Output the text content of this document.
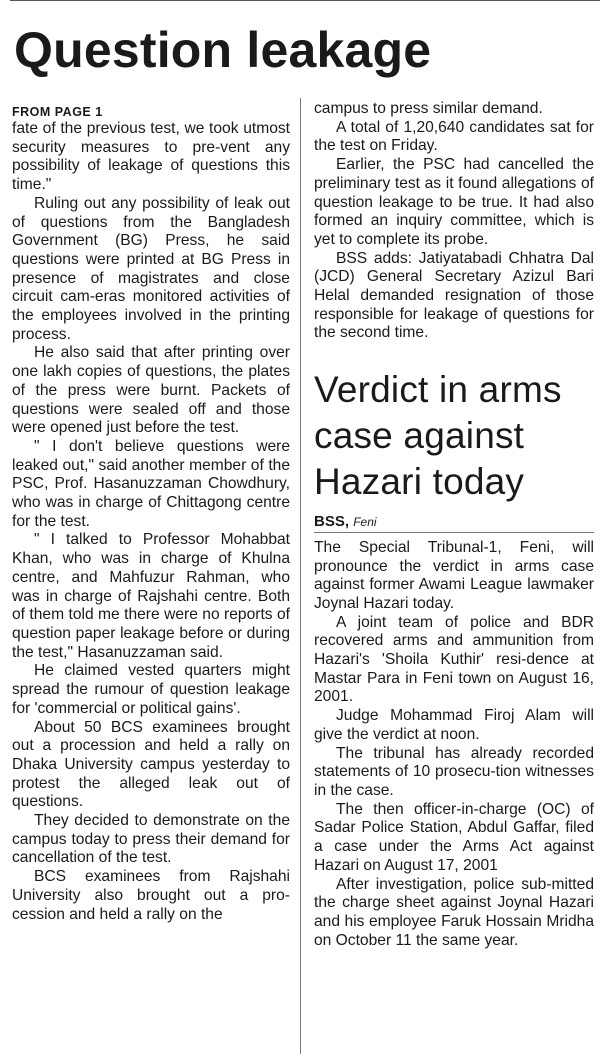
Question leakage
FROM PAGE 1

fate of the previous test, we took utmost security measures to pre-vent any possibility of leakage of questions this time."

Ruling out any possibility of leak out of questions from the Bangladesh Government (BG) Press, he said questions were printed at BG Press in presence of magistrates and close circuit cam-eras monitored activities of the employees involved in the printing process.

He also said that after printing over one lakh copies of questions, the plates of the press were burnt. Packets of questions were sealed off and those were opened just before the test.

" I don't believe questions were leaked out," said another member of the PSC, Prof. Hasanuzzaman Chowdhury, who was in charge of Chittagong centre for the test.

" I talked to Professor Mohabbat Khan, who was in charge of Khulna centre, and Mahfuzur Rahman, who was in charge of Rajshahi centre. Both of them told me there were no reports of question paper leakage before or during the test," Hasanuzzaman said.

He claimed vested quarters might spread the rumour of question leakage for 'commercial or political gains'.

About 50 BCS examinees brought out a procession and held a rally on Dhaka University campus yesterday to protest the alleged leak out of questions.

They decided to demonstrate on the campus today to press their demand for cancellation of the test.

BCS examinees from Rajshahi University also brought out a pro-cession and held a rally on the

campus to press similar demand.

A total of 1,20,640 candidates sat for the test on Friday.

Earlier, the PSC had cancelled the preliminary test as it found allegations of question leakage to be true. It had also formed an inquiry committee, which is yet to complete its probe.

BSS adds: Jatiyatabadi Chhatra Dal (JCD) General Secretary Azizul Bari Helal demanded resignation of those responsible for leakage of questions for the second time.

Verdict in arms case against Hazari today

BSS, Feni

The Special Tribunal-1, Feni, will pronounce the verdict in arms case against former Awami League lawmaker Joynal Hazari today.

A joint team of police and BDR recovered arms and ammunition from Hazari's 'Shoila Kuthir' resi-dence at Mastar Para in Feni town on August 16, 2001.

Judge Mohammad Firoj Alam will give the verdict at noon.

The tribunal has already recorded statements of 10 prosecu-tion witnesses in the case.

The then officer-in-charge (OC) of Sadar Police Station, Abdul Gaffar, filed a case under the Arms Act against Hazari on August 17, 2001

After investigation, police sub-mitted the charge sheet against Joynal Hazari and his employee Faruk Hossain Mridha on October 11 the same year.
